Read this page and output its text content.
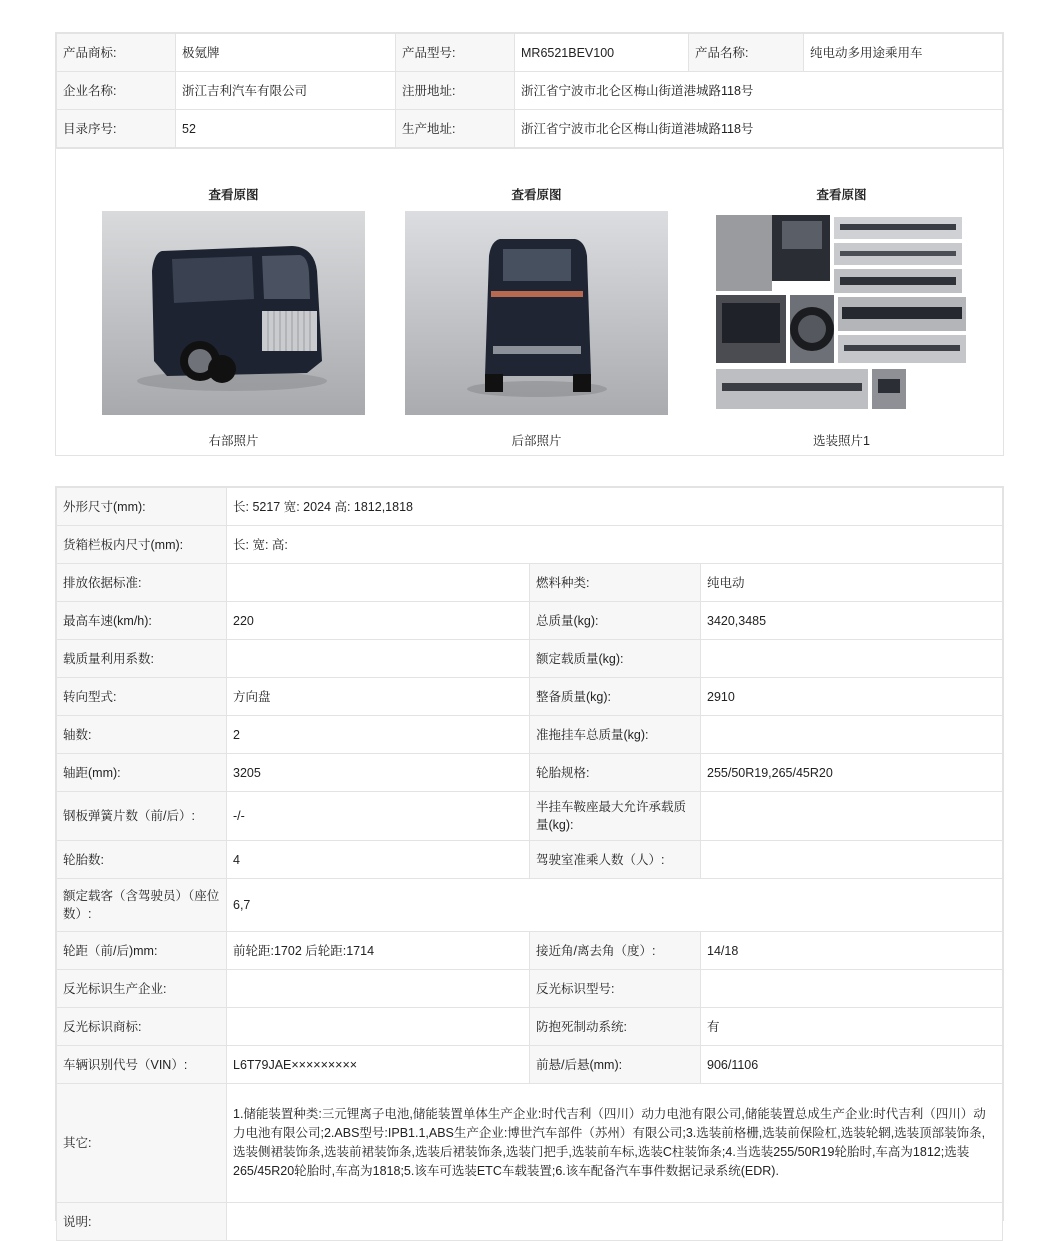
产品商标:	极氪牌	产品型号:	MR6521BEV100	产品名称:	纯电动多用途乘用车
企业名称:	浙江吉利汽车有限公司	注册地址:	浙江省宁波市北仑区梅山街道港城路118号		
目录序号:	52	生产地址:	浙江省宁波市北仑区梅山街道港城路118号		
查看原图
右部照片
查看原图
后部照片
查看原图
选装照片1
外形尺寸(mm):	长: 5217 宽: 2024 高: 1812,1818		
货箱栏板内尺寸(mm):	长: 宽: 高:		
排放依据标准:		燃料种类:	纯电动
最高车速(km/h):	220	总质量(kg):	3420,3485
载质量利用系数:		额定载质量(kg):	
转向型式:	方向盘	整备质量(kg):	2910
轴数:	2	准拖挂车总质量(kg):	
轴距(mm):	3205	轮胎规格:	255/50R19,265/45R20
钢板弹簧片数（前/后）:	-/-	半挂车鞍座最大允许承载质量(kg):	
轮胎数:	4	驾驶室准乘人数（人）:	
额定载客（含驾驶员）（座位数）:	6,7		
轮距（前/后)mm:	前轮距:1702 后轮距:1714	接近角/离去角（度）:	14/18
反光标识生产企业:		反光标识型号:	
反光标识商标:		防抱死制动系统:	有
车辆识别代号（VIN）:	L6T79JAE×××××××××	前悬/后悬(mm):	906/1106
其它:	1.储能装置种类:三元锂离子电池,储能装置单体生产企业:时代吉利（四川）动力电池有限公司,储能装置总成生产企业:时代吉利（四川）动力电池有限公司;2.ABS型号:IPB1.1,ABS生产企业:博世汽车部件（苏州）有限公司;3.选装前格栅,选装前保险杠,选装轮辋,选装顶部装饰条,选装侧裙装饰条,选装前裙装饰条,选装后裙装饰条,选装门把手,选装前车标,选装C柱装饰条;4.当选装255/50R19轮胎时,车高为1812;选装265/45R20轮胎时,车高为1818;5.该车可选装ETC车载装置;6.该车配备汽车事件数据记录系统(EDR).		
说明:			
